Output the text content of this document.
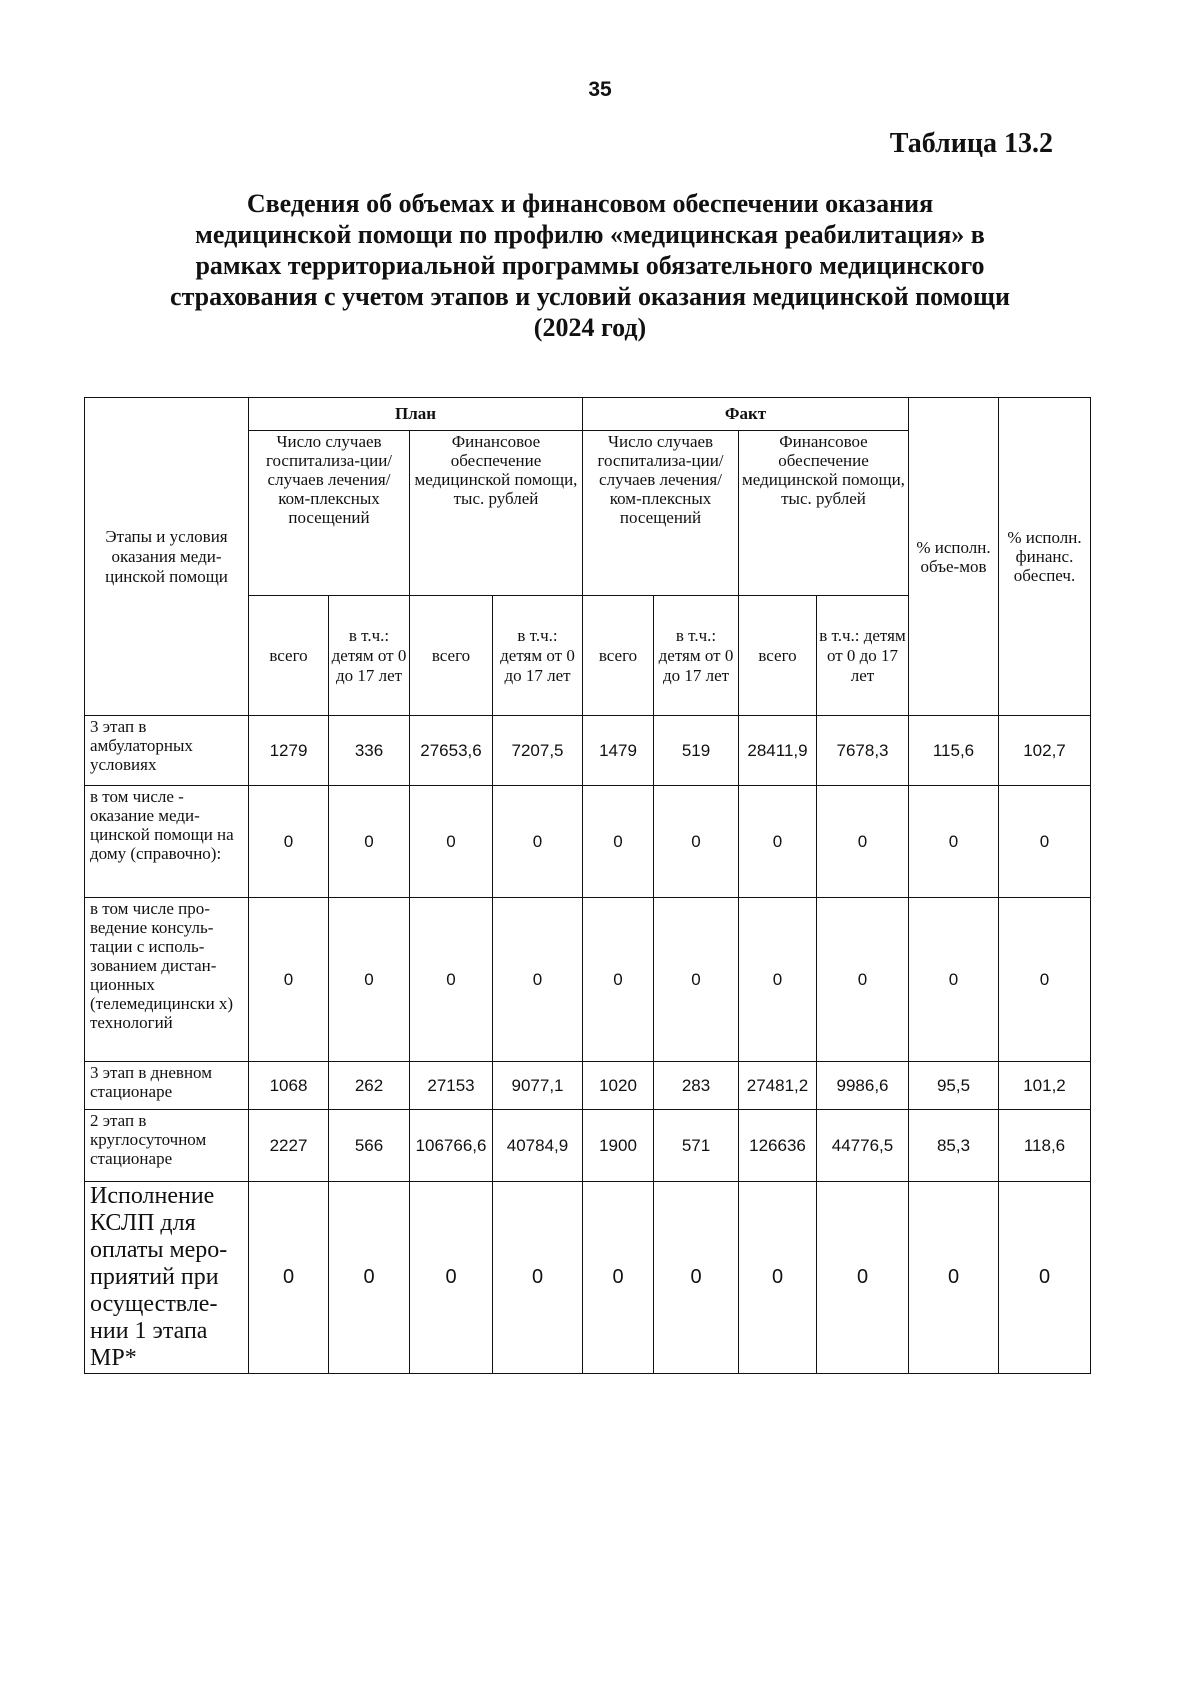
35
Таблица 13.2
Сведения об объемах и финансовом обеспечении оказания
медицинской помощи по профилю «медицинская реабилитация» в
рамках территориальной программы обязательного медицинского
страхования с учетом этапов и условий оказания медицинской помощи
(2024 год)
Этапы и условия оказания меди-цинской помощи	План				Факт				% исполн. объе-мов	% исполн. финанс. обеспеч.
	Число случаев госпитализа-ции/ случаев лечения/ ком-плексных посещений		Финансовое обеспечение медицинской помощи, тыс. рублей		Число случаев госпитализа-ции/ случаев лечения/ ком-плексных посещений		Финансовое обеспечение медицинской помощи, тыс. рублей			
	всего	в т.ч.: детям от 0 до 17 лет	всего	в т.ч.: детям от 0 до 17 лет	всего	в т.ч.: детям от 0 до 17 лет	всего	в т.ч.: детям от 0 до 17 лет		
3 этап в амбулаторных условиях	1279	336	27653,6	7207,5	1479	519	28411,9	7678,3	115,6	102,7
в том числе - оказание меди-цинской помощи на дому (справочно):	0	0	0	0	0	0	0	0	0	0
в том числе про-ведение консуль-тации с исполь-зованием дистан-ционных (телемедицински х) технологий	0	0	0	0	0	0	0	0	0	0
3 этап в дневном стационаре	1068	262	27153	9077,1	1020	283	27481,2	9986,6	95,5	101,2
2 этап в круглосуточном стационаре	2227	566	106766,6	40784,9	1900	571	126636	44776,5	85,3	118,6
Исполнение КСЛП для оплаты меро-приятий при осуществле-нии 1 этапа МР*	0	0	0	0	0	0	0	0	0	0
